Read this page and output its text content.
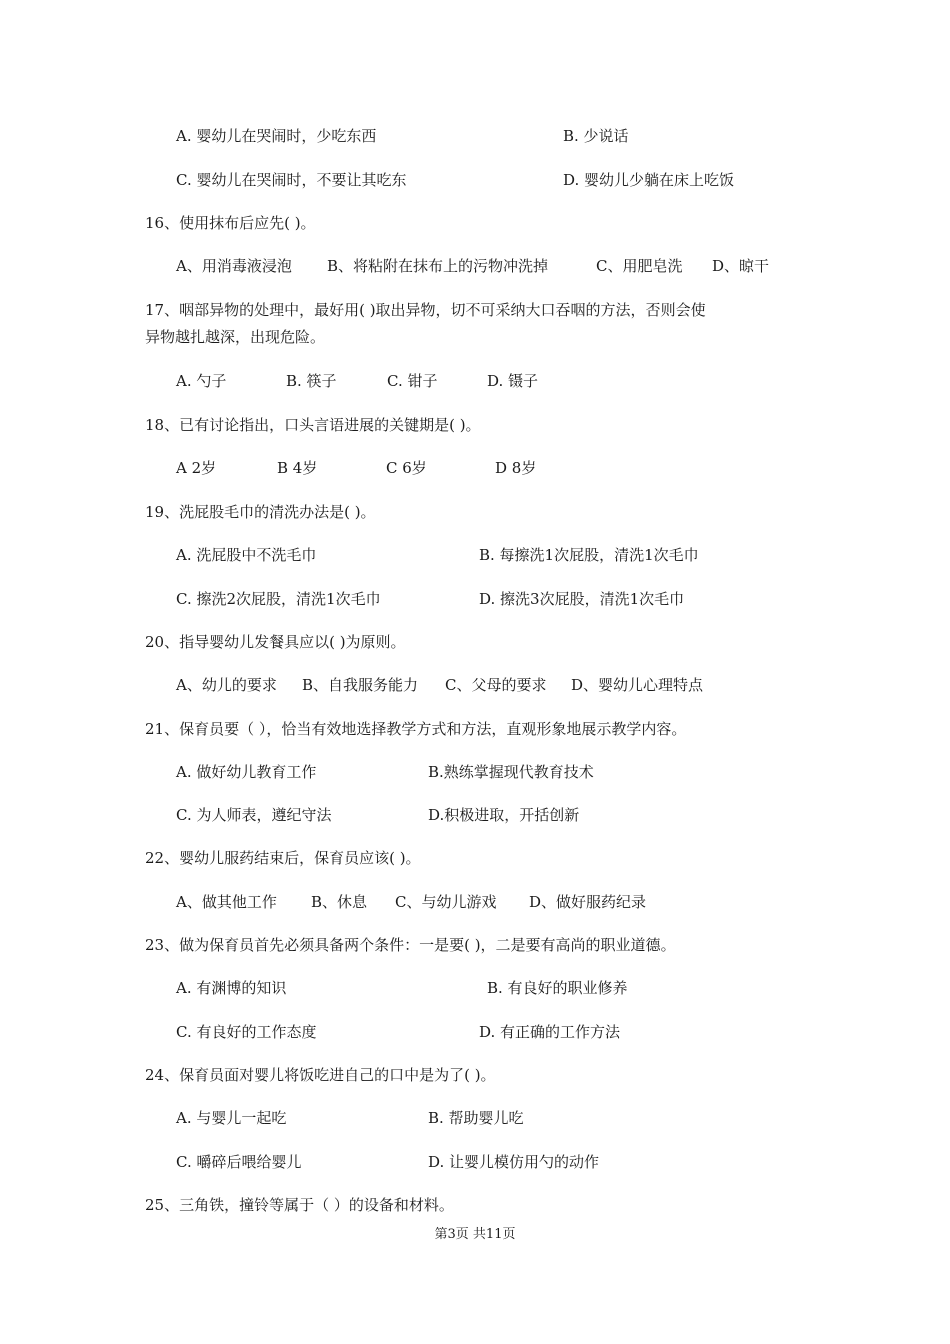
A. 婴幼儿在哭闹时，少吃东西	B. 少说话
C. 婴幼儿在哭闹时，不要让其吃东	D. 婴幼儿少躺在床上吃饭
16、使用抹布后应先( )。
A、用消毒液浸泡 B、将粘附在抹布上的污物冲洗掉	C、用肥皂洗 D、晾干
17、咽部异物的处理中，最好用( )取出异物，切不可采纳大口吞咽的方法，否则会使
异物越扎越深，出现危险。
A. 勺子	B. 筷子	C. 钳子	D. 镊子
18、已有讨论指出，口头言语进展的关键期是( )。
A 2岁	B 4岁	C 6岁	D 8岁
19、洗屁股毛巾的清洗办法是( )。
A. 洗屁股中不洗毛巾	B. 每擦洗1次屁股，清洗1次毛巾
C. 擦洗2次屁股，清洗1次毛巾	D. 擦洗3次屁股，清洗1次毛巾
20、指导婴幼儿发餐具应以( )为原则。
A、幼儿的要求 B、自我服务能力 C、父母的要求 D、婴幼儿心理特点
21、保育员要（ ），恰当有效地选择教学方式和方法，直观形象地展示教学内容。
A. 做好幼儿教育工作	B.熟练掌握现代教育技术
C. 为人师表，遵纪守法	D.积极进取，开括创新
22、婴幼儿服药结束后，保育员应该( )。
A、做其他工作 B、休息 C、与幼儿游戏 D、做好服药纪录
23、做为保育员首先必须具备两个条件：一是要( )，二是要有高尚的职业道德。
A. 有渊博的知识	B. 有良好的职业修养
C. 有良好的工作态度	D. 有正确的工作方法
24、保育员面对婴儿将饭吃进自己的口中是为了( )。
A. 与婴儿一起吃	B. 帮助婴儿吃
C. 嚼碎后喂给婴儿	D. 让婴儿模仿用勺的动作
25、三角铁，撞铃等属于（ ）的设备和材料。
第3页 共11页
